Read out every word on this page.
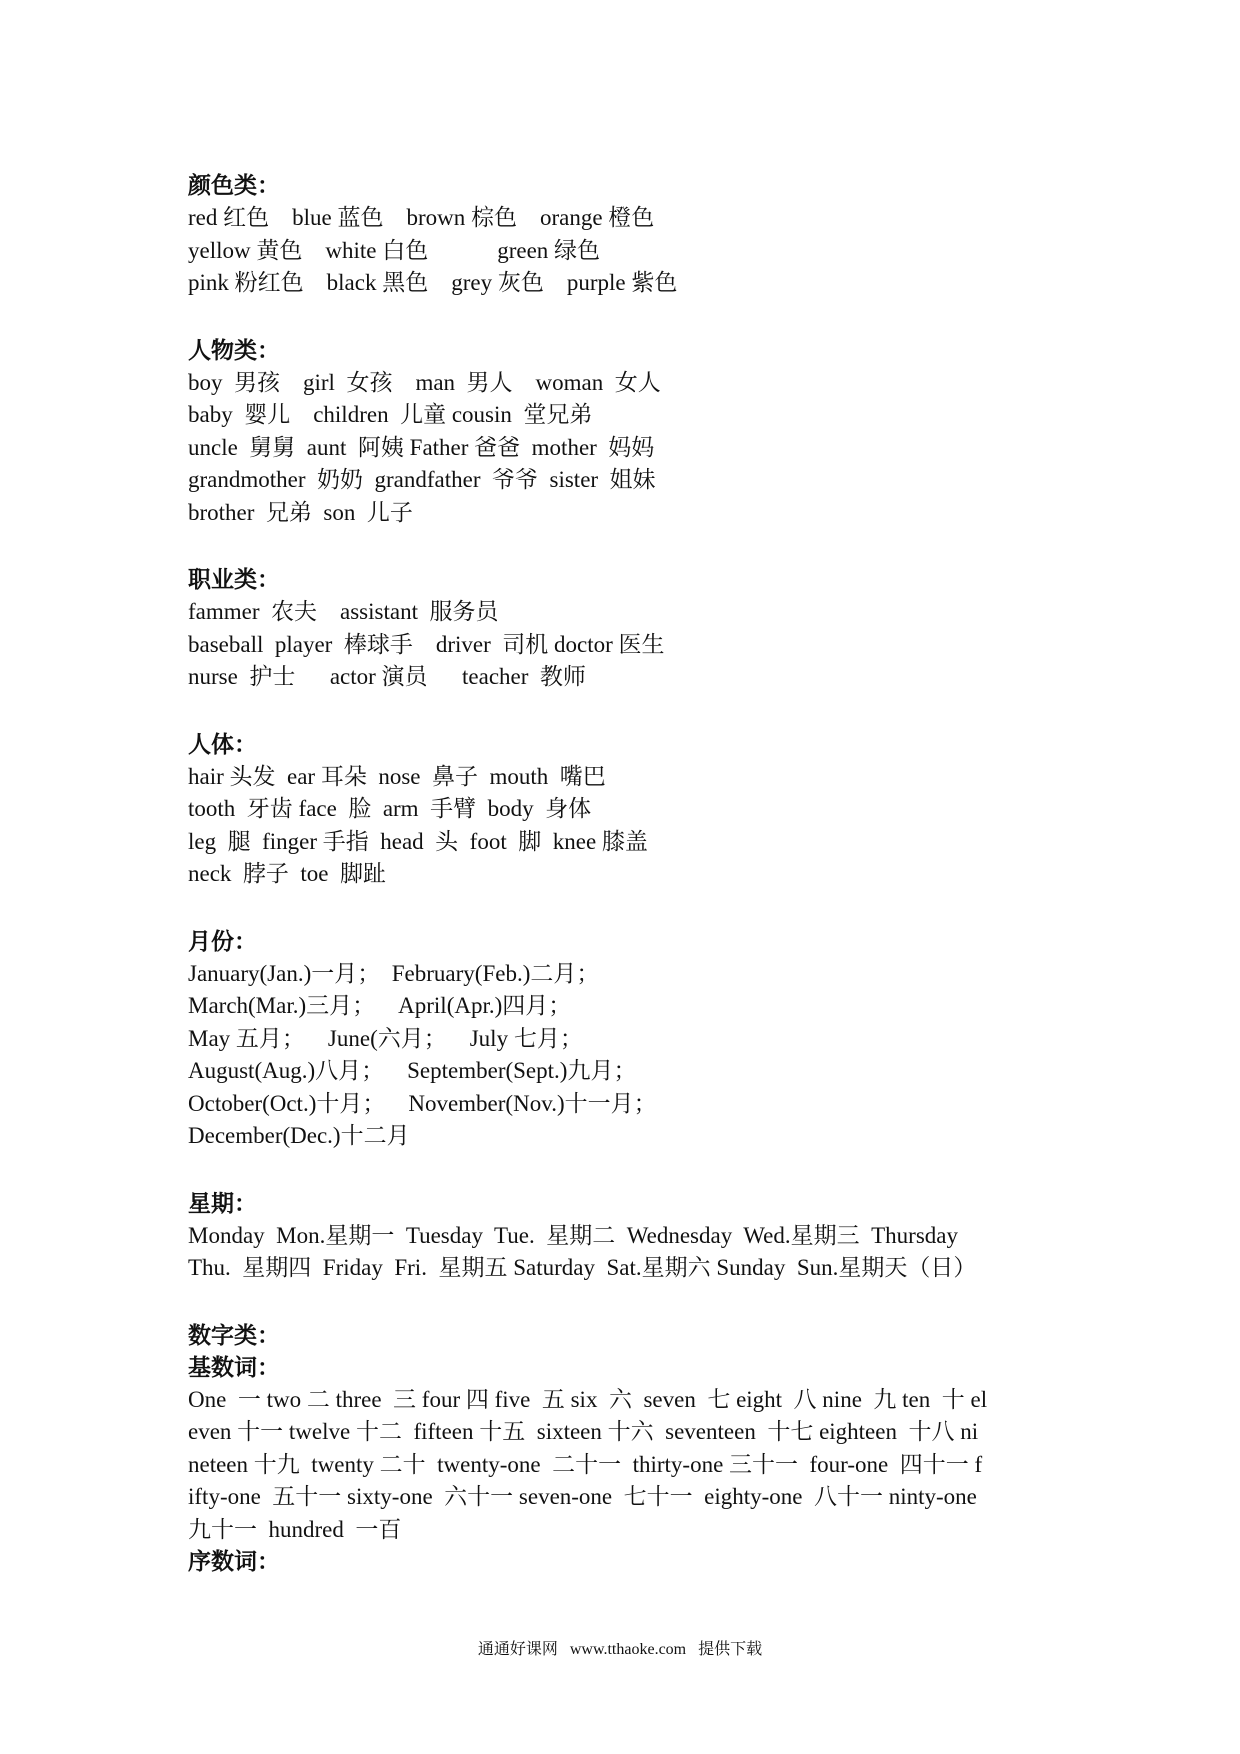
颜色类：
red 红色    blue 蓝色    brown 棕色    orange 橙色
yellow 黄色    white 白色            green 绿色
pink 粉红色    black 黑色    grey 灰色    purple 紫色
人物类：
boy  男孩    girl  女孩    man  男人    woman  女人
baby  婴儿    children  儿童 cousin  堂兄弟
uncle  舅舅  aunt  阿姨 Father 爸爸  mother  妈妈
grandmother  奶奶  grandfather  爷爷  sister  姐妹
brother  兄弟  son  儿子
职业类：
fammer  农夫    assistant  服务员
baseball  player  棒球手    driver  司机 doctor 医生
nurse  护士      actor 演员      teacher  教师
人体：
hair 头发  ear 耳朵  nose  鼻子  mouth  嘴巴
tooth  牙齿 face  脸  arm  手臂  body  身体
leg  腿  finger 手指  head  头  foot  脚  knee 膝盖
neck  脖子  toe  脚趾
月份：
January(Jan.)一月；  February(Feb.)二月；
March(Mar.)三月；    April(Apr.)四月；
May 五月；    June(六月；    July 七月；
August(Aug.)八月；    September(Sept.)九月；
October(Oct.)十月；    November(Nov.)十一月；
December(Dec.)十二月
星期：
Monday  Mon.星期一  Tuesday  Tue.  星期二  Wednesday  Wed.星期三  Thursday
Thu.  星期四  Friday  Fri.  星期五 Saturday  Sat.星期六 Sunday  Sun.星期天（日）
数字类：
基数词：
One  一 two 二 three  三 four 四 five  五 six  六  seven  七 eight  八 nine  九 ten  十 el
even 十一 twelve 十二  fifteen 十五  sixteen 十六  seventeen  十七 eighteen  十八 ni
neteen 十九  twenty 二十  twenty-one  二十一  thirty-one 三十一  four-one  四十一 f
ifty-one  五十一 sixty-one  六十一 seven-one  七十一  eighty-one  八十一 ninty-one
九十一  hundred  一百
序数词：
通通好课网   www.tthaoke.com   提供下载
